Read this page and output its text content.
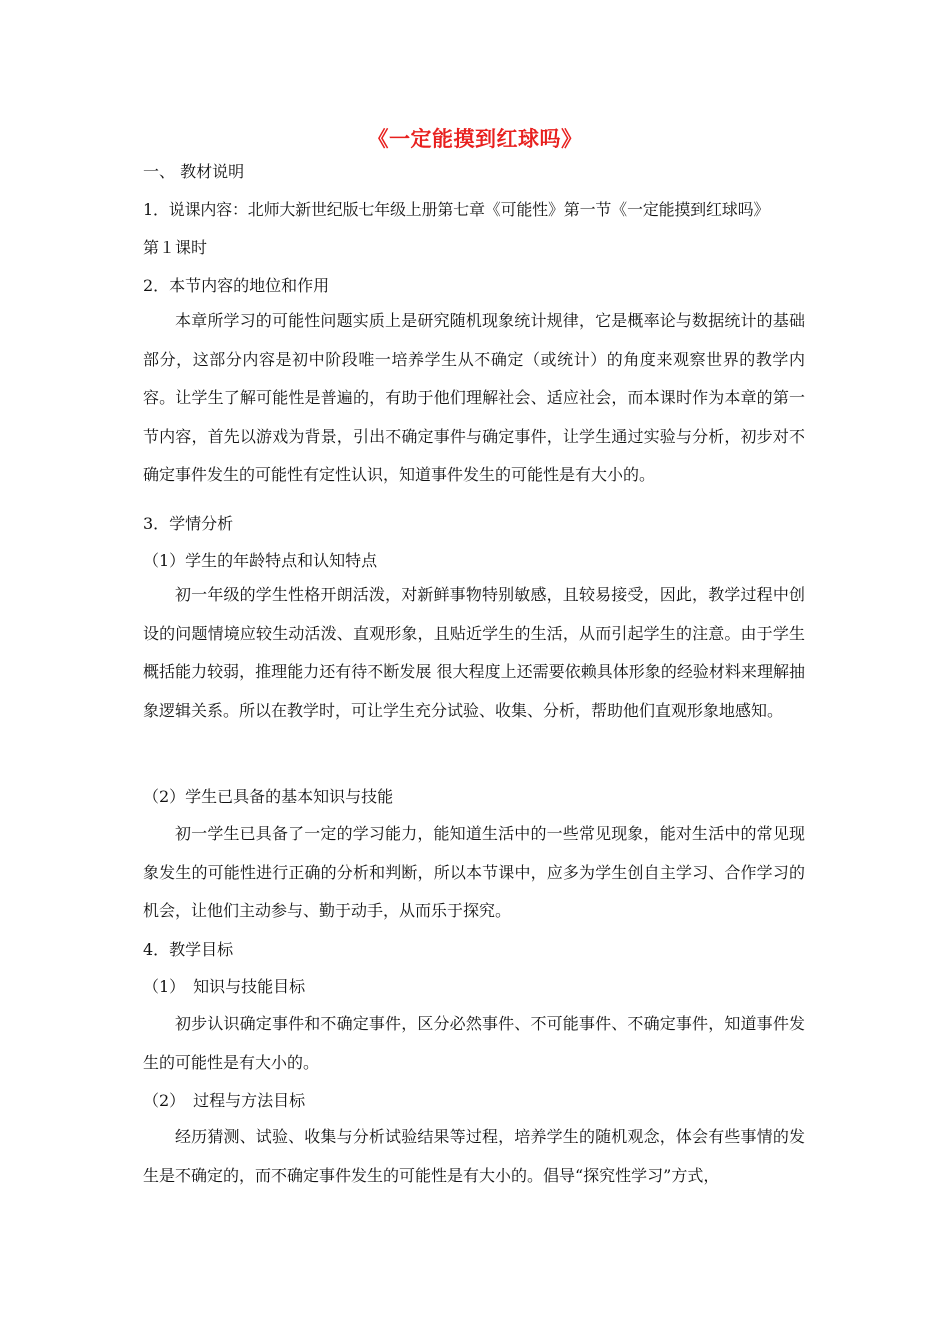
《一定能摸到红球吗》
一、 教材说明
1．说课内容：北师大新世纪版七年级上册第七章《可能性》第一节《一定能摸到红球吗》
第１课时
2．本节内容的地位和作用
本章所学习的可能性问题实质上是研究随机现象统计规律，它是概率论与数据统计的基础部分，这部分内容是初中阶段唯一培养学生从不确定（或统计）的角度来观察世界的教学内容。让学生了解可能性是普遍的，有助于他们理解社会、适应社会，而本课时作为本章的第一节内容，首先以游戏为背景，引出不确定事件与确定事件，让学生通过实验与分析，初步对不确定事件发生的可能性有定性认识，知道事件发生的可能性是有大小的。
3．学情分析
（1）学生的年龄特点和认知特点
初一年级的学生性格开朗活泼，对新鲜事物特别敏感，且较易接受，因此，教学过程中创设的问题情境应较生动活泼、直观形象，且贴近学生的生活，从而引起学生的注意。由于学生概括能力较弱，推理能力还有待不断发展 很大程度上还需要依赖具体形象的经验材料来理解抽象逻辑关系。所以在教学时，可让学生充分试验、收集、分析，帮助他们直观形象地感知。
（2）学生已具备的基本知识与技能
初一学生已具备了一定的学习能力，能知道生活中的一些常见现象，能对生活中的常见现象发生的可能性进行正确的分析和判断，所以本节课中，应多为学生创自主学习、合作学习的机会，让他们主动参与、勤于动手，从而乐于探究。
4．教学目标
（1）　知识与技能目标
初步认识确定事件和不确定事件，区分必然事件、不可能事件、不确定事件，知道事件发生的可能性是有大小的。
（2）　过程与方法目标
经历猜测、试验、收集与分析试验结果等过程，培养学生的随机观念，体会有些事情的发生是不确定的，而不确定事件发生的可能性是有大小的。倡导“探究性学习”方式，
